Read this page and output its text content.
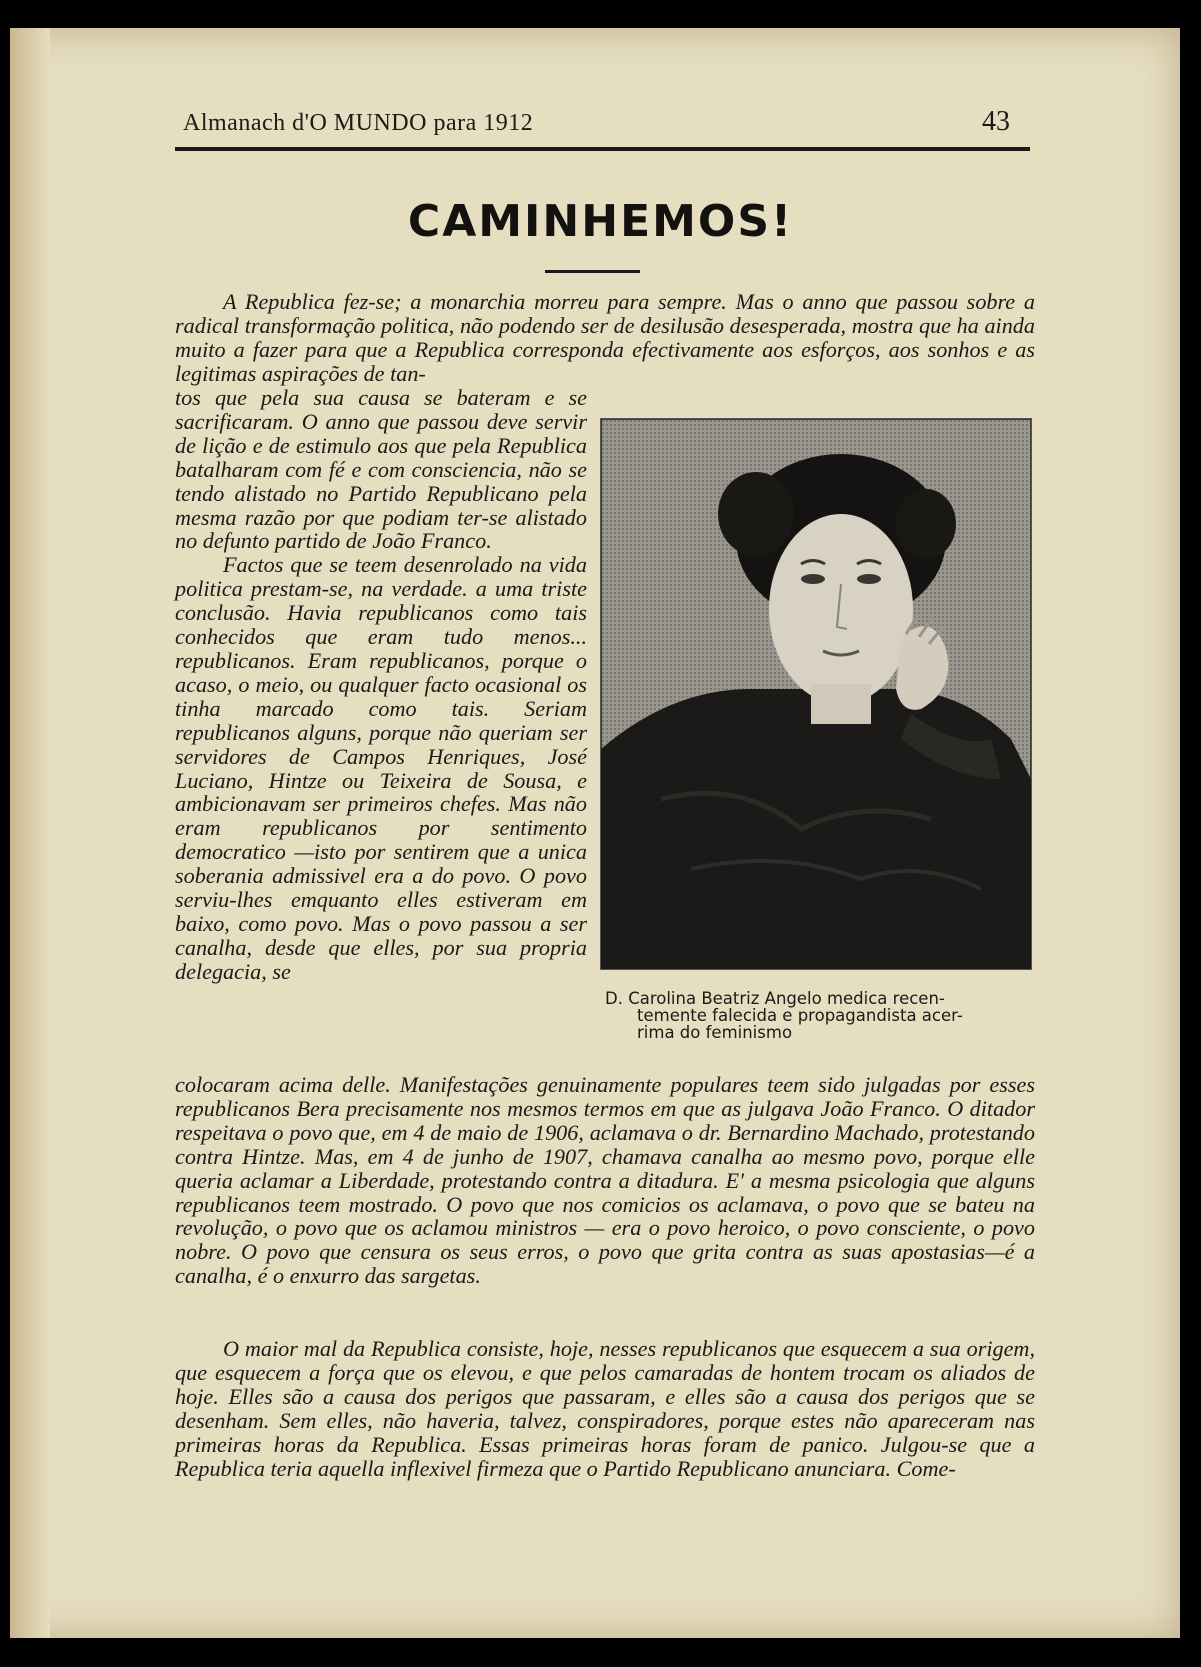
Almanach d'O MUNDO para 1912	43
CAMINHEMOS!
A Republica fez-se; a monarchia morreu para sempre. Mas o anno que passou sobre a radical transformação politica, não podendo ser de desilusão desesperada, mostra que ha ainda muito a fazer para que a Republica corresponda efectivamente aos esforços, aos sonhos e as legitimas aspirações de tan-

tos que pela sua causa se bateram e se sacrificaram. O anno que passou deve servir de lição e de estimulo aos que pela Republica batalharam com fé e com consciencia, não se tendo alistado no Partido Republicano pela mesma razão por que podiam ter-se alistado no defunto partido de João Franco.

Factos que se teem desenrolado na vida politica prestam-se, na verdade. a uma triste conclusão. Havia republicanos como tais conhecidos que eram tudo menos... republicanos. Eram republicanos, porque o acaso, o meio, ou qualquer facto ocasional os tinha marcado como tais. Seriam republicanos alguns, porque não queriam ser servidores de Campos Henriques, José Luciano, Hintze ou Teixeira de Sousa, e ambicionavam ser primeiros chefes. Mas não eram republicanos por sentimento democratico —isto por sentirem que a unica soberania admissivel era a do povo. O povo serviu-lhes emquanto elles estiveram em baixo, como povo. Mas o povo passou a ser canalha, desde que elles, por sua propria delegacia, se

D. Carolina Beatriz Angelo medica recen-
temente falecida e propagandista acer-
rima do feminismo
colocaram acima delle. Manifestações genuinamente populares teem sido julgadas por esses republicanos Bera precisamente nos mesmos termos em que as julgava João Franco. O ditador respeitava o povo que, em 4 de maio de 1906, aclamava o dr. Bernardino Machado, protestando contra Hintze. Mas, em 4 de junho de 1907, chamava canalha ao mesmo povo, porque elle queria aclamar a Liberdade, protestando contra a ditadura. E' a mesma psicologia que alguns republicanos teem mostrado. O povo que nos comicios os aclamava, o povo que se bateu na revolução, o povo que os aclamou ministros — era o povo heroico, o povo consciente, o povo nobre. O povo que censura os seus erros, o povo que grita contra as suas apostasias—é a canalha, é o enxurro das sargetas.
O maior mal da Republica consiste, hoje, nesses republicanos que esquecem a sua origem, que esquecem a força que os elevou, e que pelos camaradas de hontem trocam os aliados de hoje. Elles são a causa dos perigos que passaram, e elles são a causa dos perigos que se desenham. Sem elles, não haveria, talvez, conspiradores, porque estes não apareceram nas primeiras horas da Republica. Essas primeiras horas foram de panico. Julgou-se que a Republica teria aquella inflexivel firmeza que o Partido Republicano anunciara. Come-
